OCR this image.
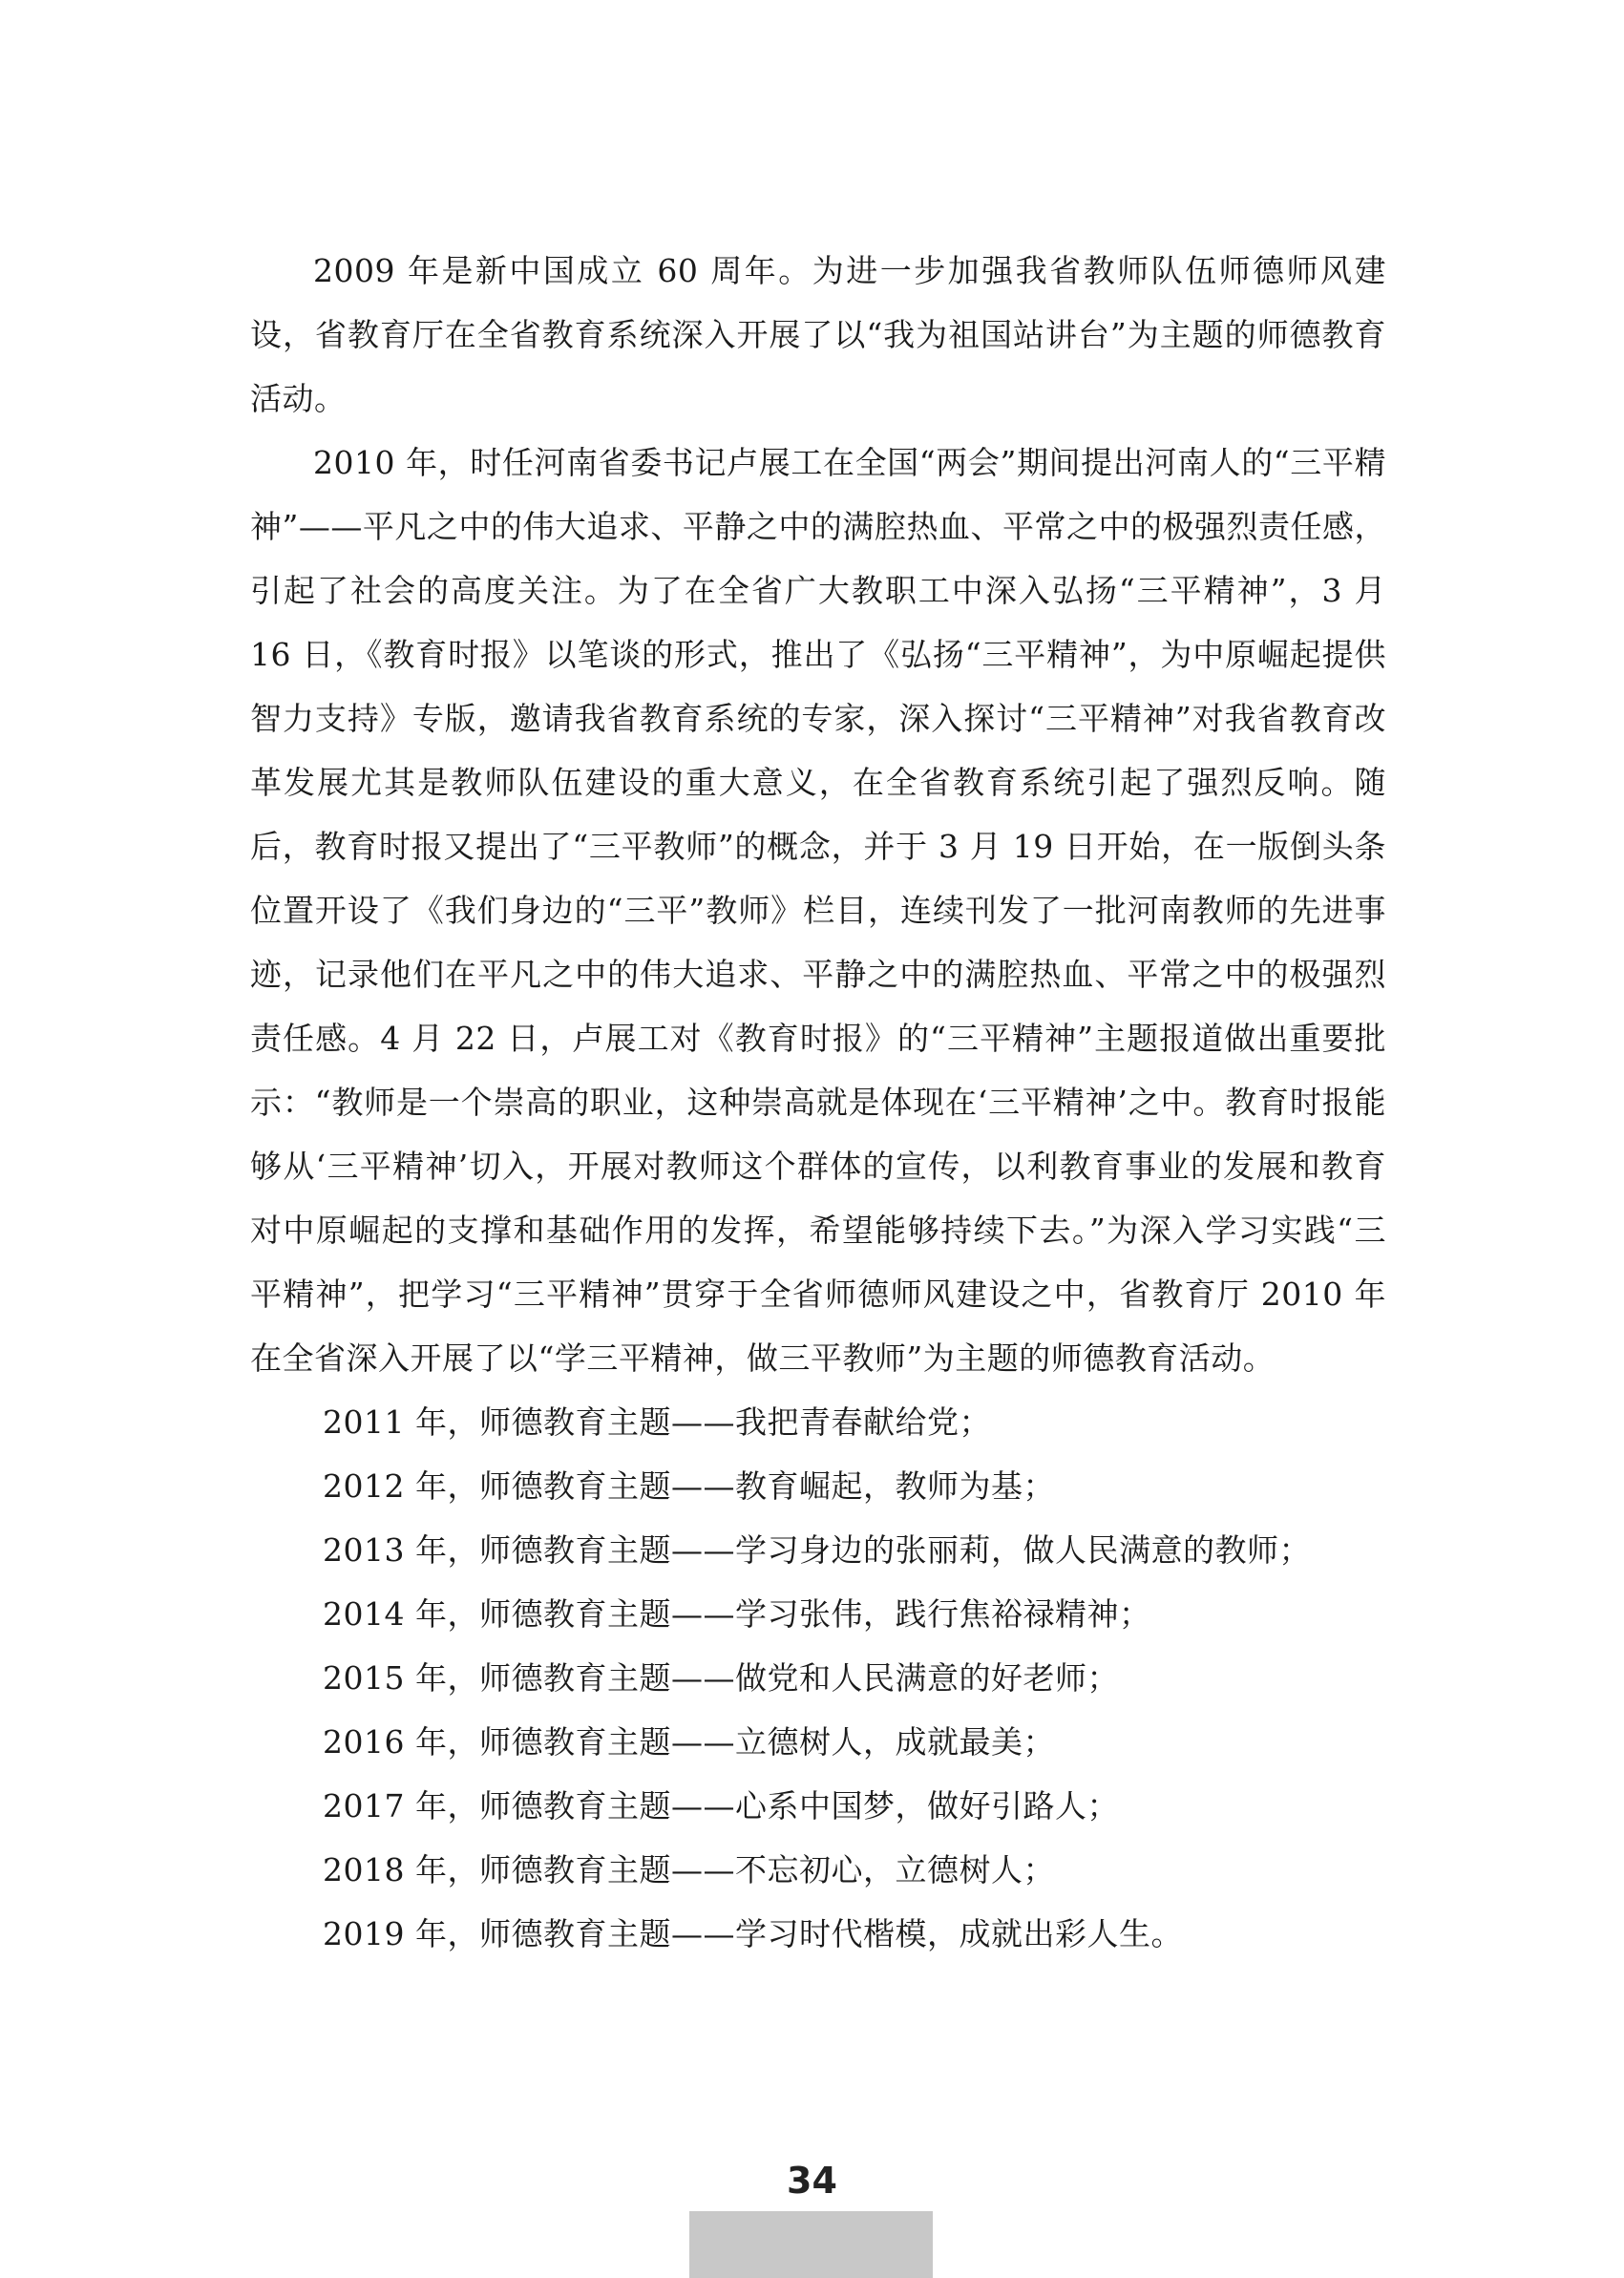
2009 年是新中国成立 60 周年。为进一步加强我省教师队伍师德师风建设，省教育厅在全省教育系统深入开展了以“我为祖国站讲台”为主题的师德教育活动。

2010 年，时任河南省委书记卢展工在全国“两会”期间提出河南人的“三平精神”——平凡之中的伟大追求、平静之中的满腔热血、平常之中的极强烈责任感，引起了社会的高度关注。为了在全省广大教职工中深入弘扬“三平精神”，3 月 16 日，《教育时报》以笔谈的形式，推出了《弘扬“三平精神”，为中原崛起提供智力支持》专版，邀请我省教育系统的专家，深入探讨“三平精神”对我省教育改革发展尤其是教师队伍建设的重大意义，在全省教育系统引起了强烈反响。随后，教育时报又提出了“三平教师”的概念，并于 3 月 19 日开始，在一版倒头条位置开设了《我们身边的“三平”教师》栏目，连续刊发了一批河南教师的先进事迹，记录他们在平凡之中的伟大追求、平静之中的满腔热血、平常之中的极强烈责任感。4 月 22 日，卢展工对《教育时报》的“三平精神”主题报道做出重要批示：“教师是一个崇高的职业，这种崇高就是体现在‘三平精神’之中。教育时报能够从‘三平精神’切入，开展对教师这个群体的宣传，以利教育事业的发展和教育对中原崛起的支撑和基础作用的发挥，希望能够持续下去。”为深入学习实践“三平精神”，把学习“三平精神”贯穿于全省师德师风建设之中，省教育厅 2010 年在全省深入开展了以“学三平精神，做三平教师”为主题的师德教育活动。

2011 年，师德教育主题——我把青春献给党；
2012 年，师德教育主题——教育崛起，教师为基；
2013 年，师德教育主题——学习身边的张丽莉，做人民满意的教师；
2014 年，师德教育主题——学习张伟，践行焦裕禄精神；
2015 年，师德教育主题——做党和人民满意的好老师；
2016 年，师德教育主题——立德树人，成就最美；
2017 年，师德教育主题——心系中国梦，做好引路人；
2018 年，师德教育主题——不忘初心，立德树人；
2019 年，师德教育主题——学习时代楷模，成就出彩人生。
34
